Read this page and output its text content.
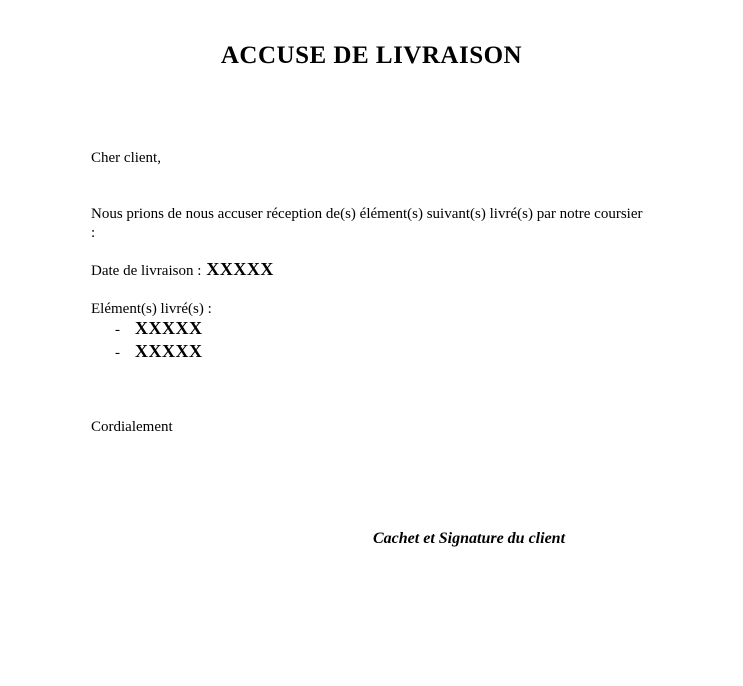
ACCUSE DE LIVRAISON

Cher client,

Nous prions de nous accuser réception de(s) élément(s) suivant(s) livré(s) par notre coursier :

Date de livraison : XXXXX

Elément(s) livré(s) :

- XXXXX
- XXXXX

Cordialement

Cachet et Signature du client
